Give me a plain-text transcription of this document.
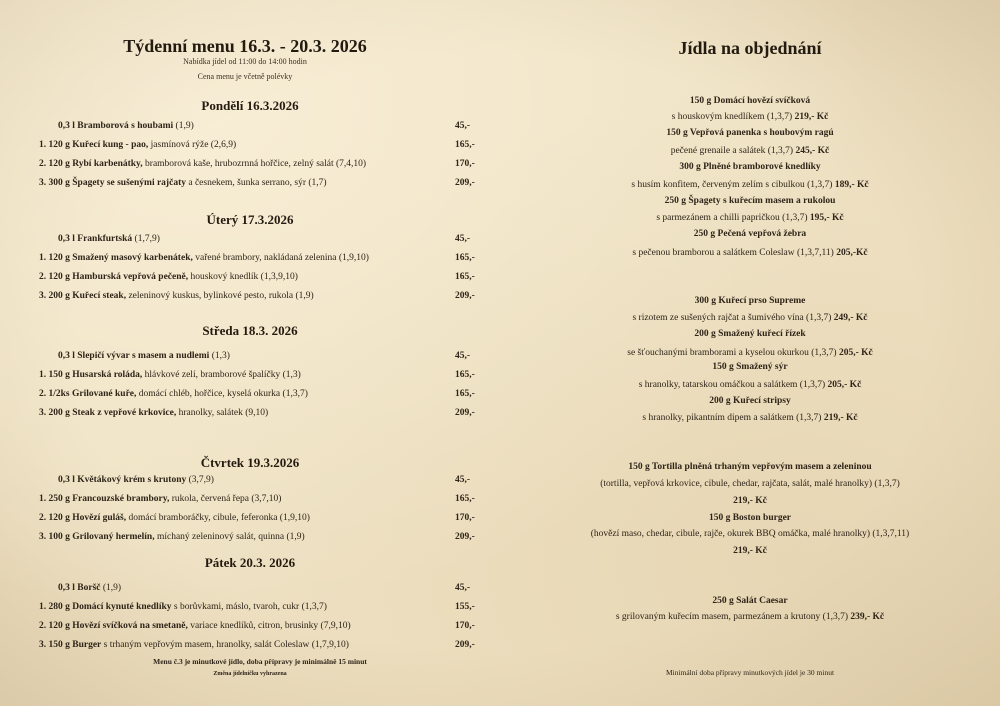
Týdenní menu 16.3. - 20.3. 2026
Nabídka jídel od 11:00 do 14:00 hodin
Cena menu je včetně polévky
Pondělí 16.3.2026
0,3 l Bramborová s houbami (1,9)	45,-
1. 120 g Kuřecí kung - pao, jasmínová rýže (2,6,9)	165,-
2. 120 g Rybí karbenátky, bramborová kaše, hrubozrnná hořčice, zelný salát (7,4,10)	170,-
3. 300 g Špagety se sušenými rajčaty a česnekem, šunka serrano, sýr (1,7)	209,-
Úterý 17.3.2026
0,3 l Frankfurtská (1,7,9)	45,-
1. 120 g Smažený masový karbenátek, vařené brambory, nakládaná zelenina (1,9,10)	165,-
2. 120 g Hamburská vepřová pečeně, houskový knedlík (1,3,9,10)	165,-
3. 200 g Kuřecí steak, zeleninový kuskus, bylinkové pesto, rukola (1,9)	209,-
Středa 18.3. 2026
0,3 l Slepičí vývar s masem a nudlemi (1,3)	45,-
1. 150 g Husarská roláda, hlávkové zelí, bramborové špalíčky (1,3)	165,-
2. 1/2ks Grilované kuře, domácí chléb, hořčice, kyselá okurka (1,3,7)	165,-
3. 200 g Steak z vepřové krkovice, hranolky, salátek (9,10)	209,-
Čtvrtek 19.3.2026
0,3 l Květákový krém s krutony (3,7,9)	45,-
1. 250 g Francouzské brambory, rukola, červená řepa (3,7,10)	165,-
2. 120 g Hovězí guláš, domácí bramboráčky, cibule, feferonka (1,9,10)	170,-
3. 100 g Grilovaný hermelín, míchaný zeleninový salát, quinna (1,9)	209,-
Pátek 20.3. 2026
0,3 l Boršč (1,9)	45,-
1. 280 g Domácí kynuté knedlíky s borůvkami, máslo, tvaroh, cukr (1,3,7)	155,-
2. 120 g Hovězí svíčková na smetaně, variace knedlíků, citron, brusinky (7,9,10)	170,-
3. 150 g Burger s trhaným vepřovým masem, hranolky, salát Coleslaw (1,7,9,10)	209,-
Menu č.3 je minutkové jídlo, doba přípravy je minimálně 15 minut
Změna jídelníčku vyhrazena
Jídla na objednání
150 g Domácí hovězí svíčková
s houskovým knedlíkem (1,3,7) 219,- Kč
150 g Vepřová panenka s houbovým ragú
pečené grenaile a salátek (1,3,7) 245,- Kč
300 g Plněné bramborové knedlíky
s husím konfitem, červeným zelím s cibulkou (1,3,7) 189,- Kč
250 g Špagety s kuřecím masem a rukolou
s parmezánem a chilli papričkou (1,3,7) 195,- Kč
250 g Pečená vepřová žebra
s pečenou bramborou a salátkem Coleslaw (1,3,7,11) 205,-Kč
300 g Kuřecí prso Supreme
s rizotem ze sušených rajčat a šumivého vína (1,3,7) 249,- Kč
200 g Smažený kuřecí řízek
se šťouchanými bramborami a kyselou okurkou (1,3,7) 205,- Kč
150 g Smažený sýr
s hranolky, tatarskou omáčkou a salátkem (1,3,7) 205,- Kč
200 g Kuřecí stripsy
s hranolky, pikantním dipem a salátkem (1,3,7) 219,- Kč
150 g Tortilla plněná trhaným vepřovým masem a zeleninou
(tortilla, vepřová krkovice, cibule, chedar, rajčata, salát, malé hranolky) (1,3,7)
219,- Kč
150 g Boston burger
(hovězí maso, chedar, cibule, rajče, okurek BBQ omáčka, malé hranolky) (1,3,7,11)
219,- Kč
250 g Salát Caesar
s grilovaným kuřecím masem, parmezánem a krutony (1,3,7) 239,- Kč
Minimální doba přípravy minutkových jídel je 30 minut
